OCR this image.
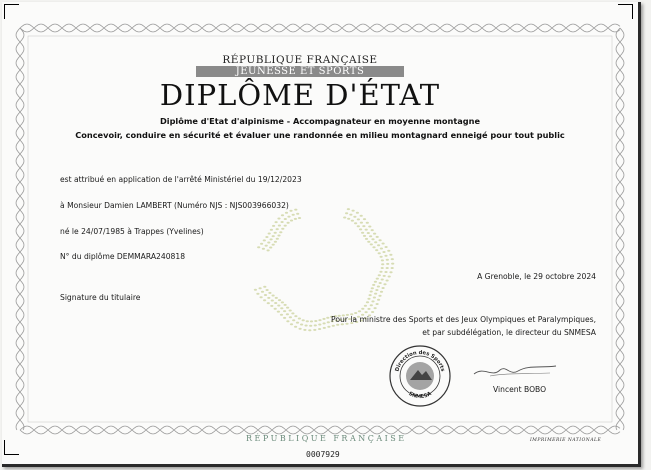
RÉPUBLIQUE FRANÇAISE
JEUNESSE ET SPORTS
DIPLÔME D'ÉTAT
Diplôme d'Etat d'alpinisme - Accompagnateur en moyenne montagne
Concevoir, conduire en sécurité et évaluer une randonnée en milieu montagnard enneigé pour tout public
est attribué en application de l'arrêté Ministériel du 19/12/2023
à Monsieur Damien LAMBERT (Numéro NJS : NJS003966032)
né le 24/07/1985 à Trappes (Yvelines)
N° du diplôme DEMMARA240818
A Grenoble, le 29 octobre 2024
Signature du titulaire
Pour la ministre des Sports et des Jeux Olympiques et Paralympiques,
et par subdélégation, le directeur du SNMESA
Direction des Sports
SNMESA
Vincent BOBO
RÉPUBLIQUE FRANÇAISE	IMPRIMERIE NATIONALE
0007929
